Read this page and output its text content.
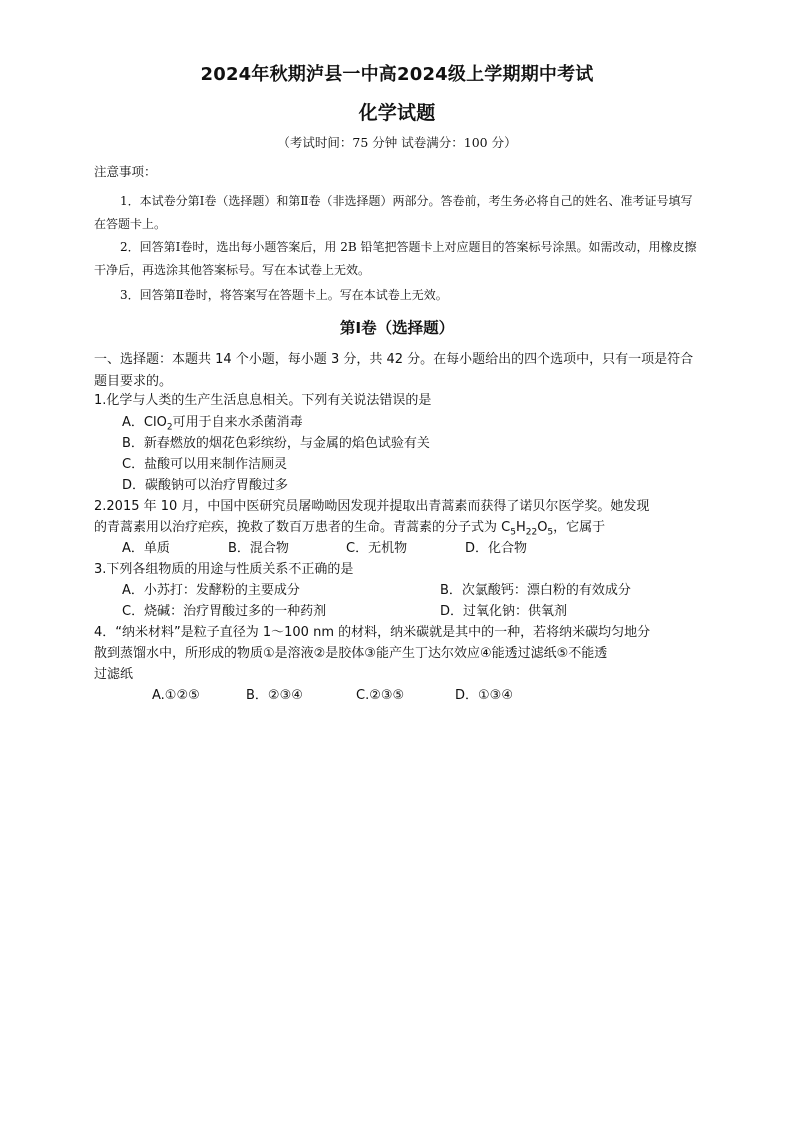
2024年秋期泸县一中高2024级上学期期中考试
化学试题
（考试时间：75 分钟 试卷满分：100 分）
注意事项：
1．本试卷分第Ⅰ卷（选择题）和第Ⅱ卷（非选择题）两部分。答卷前，考生务必将自己的姓名、准考证号填写在答题卡上。
2．回答第Ⅰ卷时，选出每小题答案后，用 2B 铅笔把答题卡上对应题目的答案标号涂黑。如需改动，用橡皮擦干净后，再选涂其他答案标号。写在本试卷上无效。
3．回答第Ⅱ卷时，将答案写在答题卡上。写在本试卷上无效。
第Ⅰ卷（选择题）
一、选择题：本题共 14 个小题，每小题 3 分，共 42 分。在每小题给出的四个选项中，只有一项是符合题目要求的。
1.化学与人类的生产生活息息相关。下列有关说法错误的是
A．ClO$_2$可用于自来水杀菌消毒
B．新春燃放的烟花色彩缤纷，与金属的焰色试验有关
C．盐酸可以用来制作洁厕灵
D．碳酸钠可以治疗胃酸过多
2.2015 年 10 月，中国中医研究员屠呦呦因发现并提取出青蒿素而获得了诺贝尔医学奖。她发现
的青蒿素用以治疗疟疾，挽救了数百万患者的生命。青蒿素的分子式为 $C_5H_{22}O_5$，它属于
A．单质	B．混合物	C．无机物	D．化合物
3.下列各组物质的用途与性质关系不正确的是
A．小苏打：发酵粉的主要成分	B．次氯酸钙：漂白粉的有效成分
C．烧碱：治疗胃酸过多的一种药剂	D．过氧化钠：供氧剂
4．“纳米材料”是粒子直径为 1～100 nm 的材料，纳米碳就是其中的一种，若将纳米碳均匀地分
散到蒸馏水中，所形成的物质①是溶液②是胶体③能产生丁达尔效应④能透过滤纸⑤不能透
过滤纸
A.①②⑤	B．②③④	C.②③⑤	D．①③④
